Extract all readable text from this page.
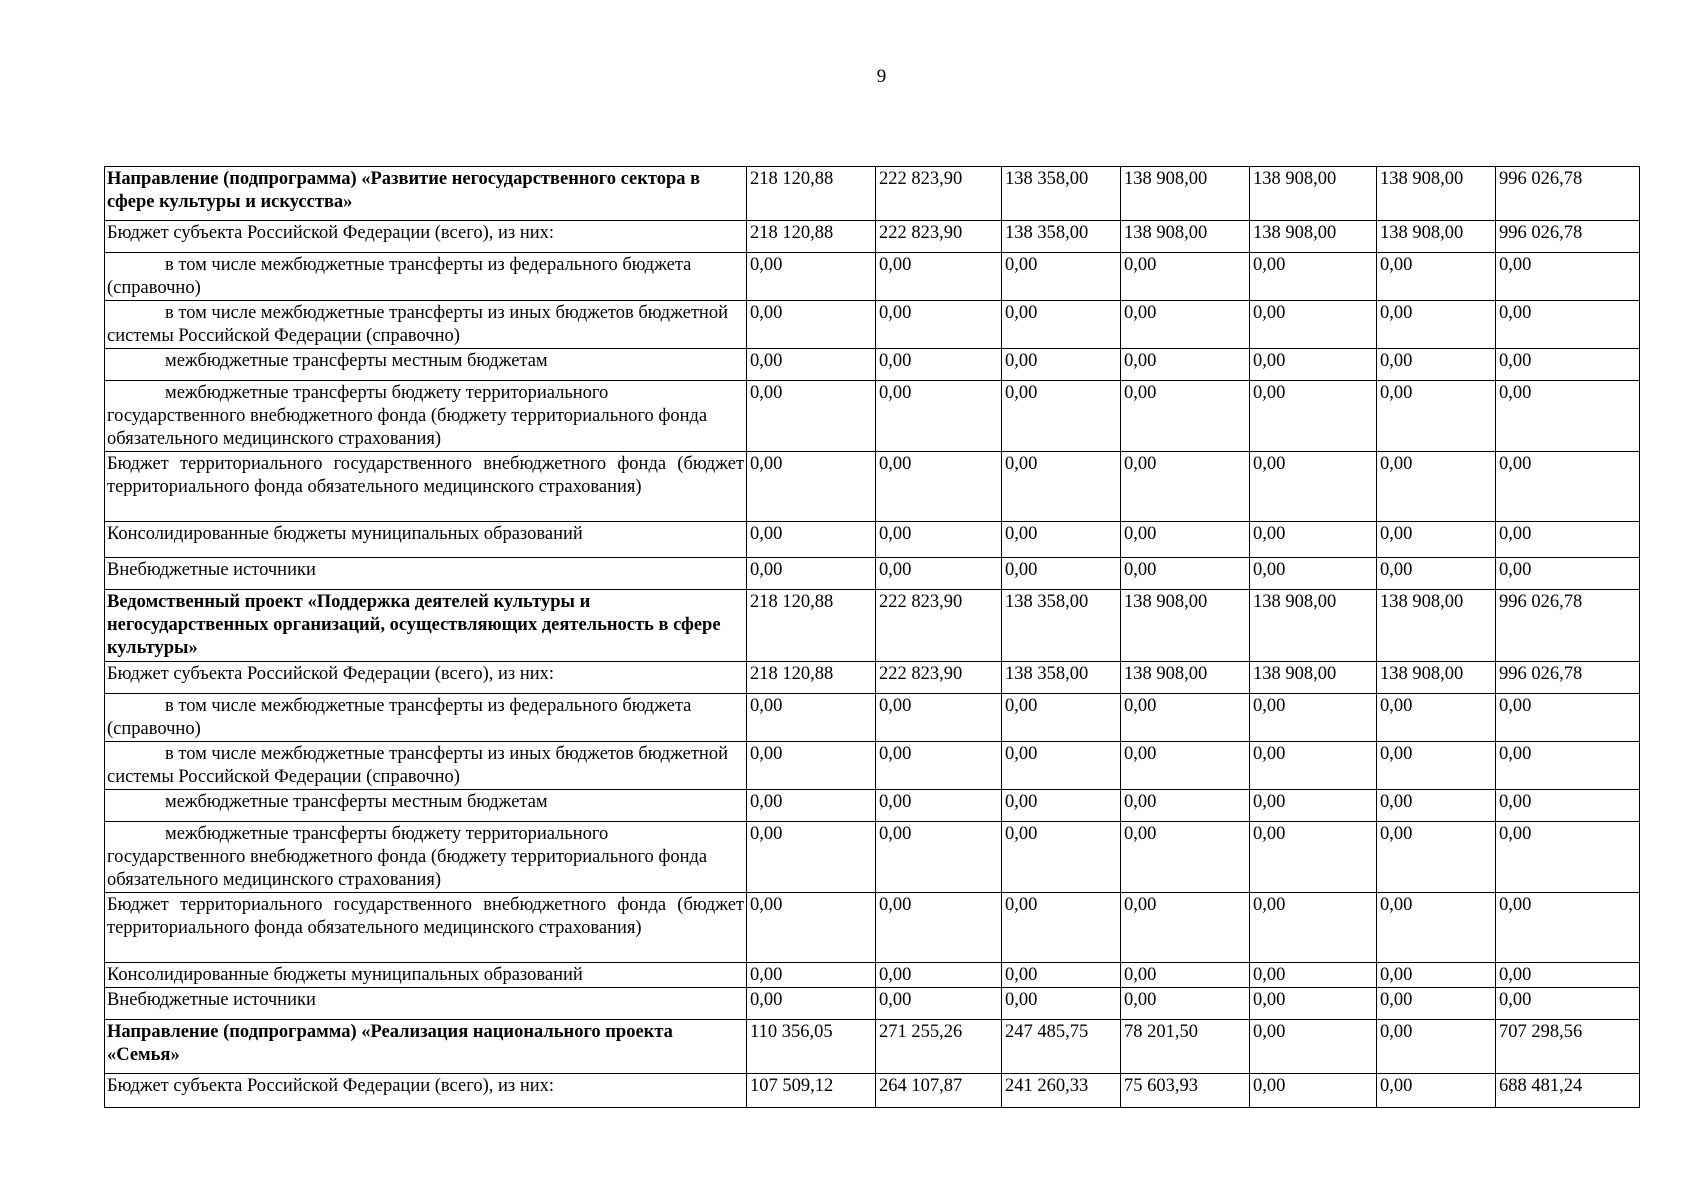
9
Направление (подпрограмма) «Развитие негосударственного сектора в сфере культуры и искусства»	218 120,88	222 823,90	138 358,00	138 908,00	138 908,00	138 908,00	996 026,78
Бюджет субъекта Российской Федерации (всего), из них:	218 120,88	222 823,90	138 358,00	138 908,00	138 908,00	138 908,00	996 026,78
в том числе межбюджетные трансферты из федерального бюджета (справочно)	0,00	0,00	0,00	0,00	0,00	0,00	0,00
в том числе межбюджетные трансферты из иных бюджетов бюджетной системы Российской Федерации (справочно)	0,00	0,00	0,00	0,00	0,00	0,00	0,00
межбюджетные трансферты местным бюджетам	0,00	0,00	0,00	0,00	0,00	0,00	0,00
межбюджетные трансферты бюджету территориального государственного внебюджетного фонда (бюджету территориального фонда обязательного медицинского страхования)	0,00	0,00	0,00	0,00	0,00	0,00	0,00
Бюджет территориального государственного внебюджетного фонда (бюджет территориального фонда обязательного медицинского страхования)	0,00	0,00	0,00	0,00	0,00	0,00	0,00
Консолидированные бюджеты муниципальных образований	0,00	0,00	0,00	0,00	0,00	0,00	0,00
Внебюджетные источники	0,00	0,00	0,00	0,00	0,00	0,00	0,00
Ведомственный проект «Поддержка деятелей культуры и негосударственных организаций, осуществляющих деятельность в сфере культуры»	218 120,88	222 823,90	138 358,00	138 908,00	138 908,00	138 908,00	996 026,78
Бюджет субъекта Российской Федерации (всего), из них:	218 120,88	222 823,90	138 358,00	138 908,00	138 908,00	138 908,00	996 026,78
в том числе межбюджетные трансферты из федерального бюджета (справочно)	0,00	0,00	0,00	0,00	0,00	0,00	0,00
в том числе межбюджетные трансферты из иных бюджетов бюджетной системы Российской Федерации (справочно)	0,00	0,00	0,00	0,00	0,00	0,00	0,00
межбюджетные трансферты местным бюджетам	0,00	0,00	0,00	0,00	0,00	0,00	0,00
межбюджетные трансферты бюджету территориального государственного внебюджетного фонда (бюджету территориального фонда обязательного медицинского страхования)	0,00	0,00	0,00	0,00	0,00	0,00	0,00
Бюджет территориального государственного внебюджетного фонда (бюджет территориального фонда обязательного медицинского страхования)	0,00	0,00	0,00	0,00	0,00	0,00	0,00
Консолидированные бюджеты муниципальных образований	0,00	0,00	0,00	0,00	0,00	0,00	0,00
Внебюджетные источники	0,00	0,00	0,00	0,00	0,00	0,00	0,00
Направление (подпрограмма) «Реализация национального проекта «Семья»	110 356,05	271 255,26	247 485,75	78 201,50	0,00	0,00	707 298,56
Бюджет субъекта Российской Федерации (всего), из них:	107 509,12	264 107,87	241 260,33	75 603,93	0,00	0,00	688 481,24
